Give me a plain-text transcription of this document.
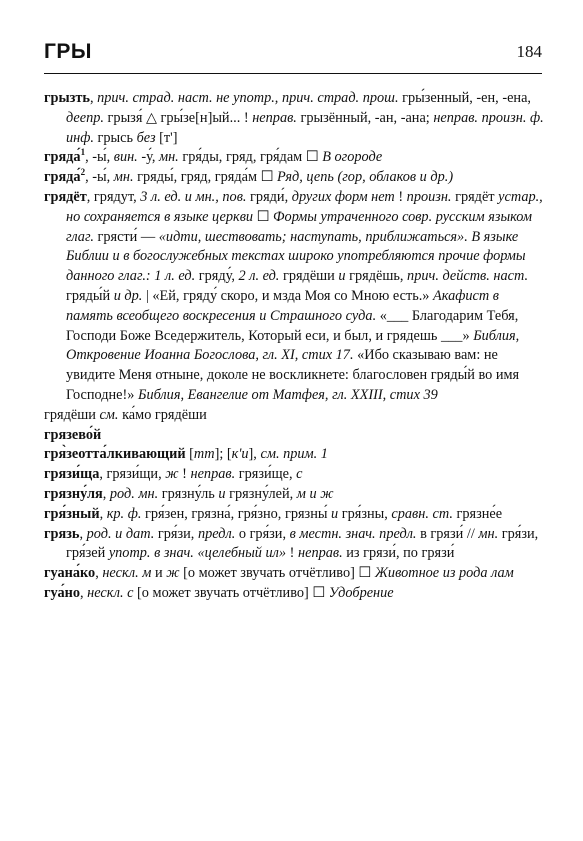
ГРЫ	184

грызть, прич. страд. наст. не употр., прич. страд. прош. гры́зенный, -ен, -ена, деепр. грызя́ △ гры́зе[н]ый... ! неправ. грызённый, -ан, -ана; неправ. произн. ф. инф. грысь без [т']

гряда́$^1$, -ы́, вин. -у́, мн. гря́ды, гряд, гря́дам ☐ В огороде

гряда́$^2$, -ы́, мн. гряды́, гряд, гряда́м ☐ Ряд, цепь (гор, облаков и др.)

грядёт, грядут, 3 л. ед. и мн., пов. гряди́, других форм нет ! произн. грядёт устар., но сохраняется в языке церкви ☐ Формы утраченного совр. русским языком глаг. грясти́ — «идти, шествовать; наступать, приближаться». В языке Библии и в богослужебных текстах широко употребляются прочие формы данного глаг.: 1 л. ед. гряду́, 2 л. ед. грядёши и грядёшь, прич. действ. наст. гряды́й и др. | «Ей, гряду́ скоро, и мзда Моя со Мною есть.» Акафист в память всеобщего воскресения и Страшного суда. «___ Благодарим Тебя, Господи Боже Вседержитель, Который еси, и был, и грядешь ___» Библия, Откровение Иоанна Богослова, гл. XI, стих 17. «Ибо сказываю вам: не увидите Меня отныне, доколе не воскликнете: благословен гряды́й во имя Господне!» Библия, Евангелие от Матфея, гл. XXIII, стих 39

грядёши см. ка́мо грядёши

грязево́й

гря̀зеотта́лкивающий [тт]; [к'и], см. прим. 1

грязи́ща, грязи́щи, ж ! неправ. грязи́ще, с

грязну́ля, род. мн. грязну́ль и грязну́лей, м и ж

гря́зный, кр. ф. гря́зен, грязна́, гря́зно, грязны́ и гря́зны, сравн. ст. грязне́е

грязь, род. и дат. гря́зи, предл. о гря́зи, в местн. знач. предл. в грязи́ // мн. гря́зи, гря́зей употр. в знач. «целебный ил» ! неправ. из грязи́, по грязи́

гуана́ко, нескл. м и ж [о может звучать отчётливо] ☐ Животное из рода лам

гуа́но, нескл. с [о может звучать отчётливо] ☐ Удобрение
